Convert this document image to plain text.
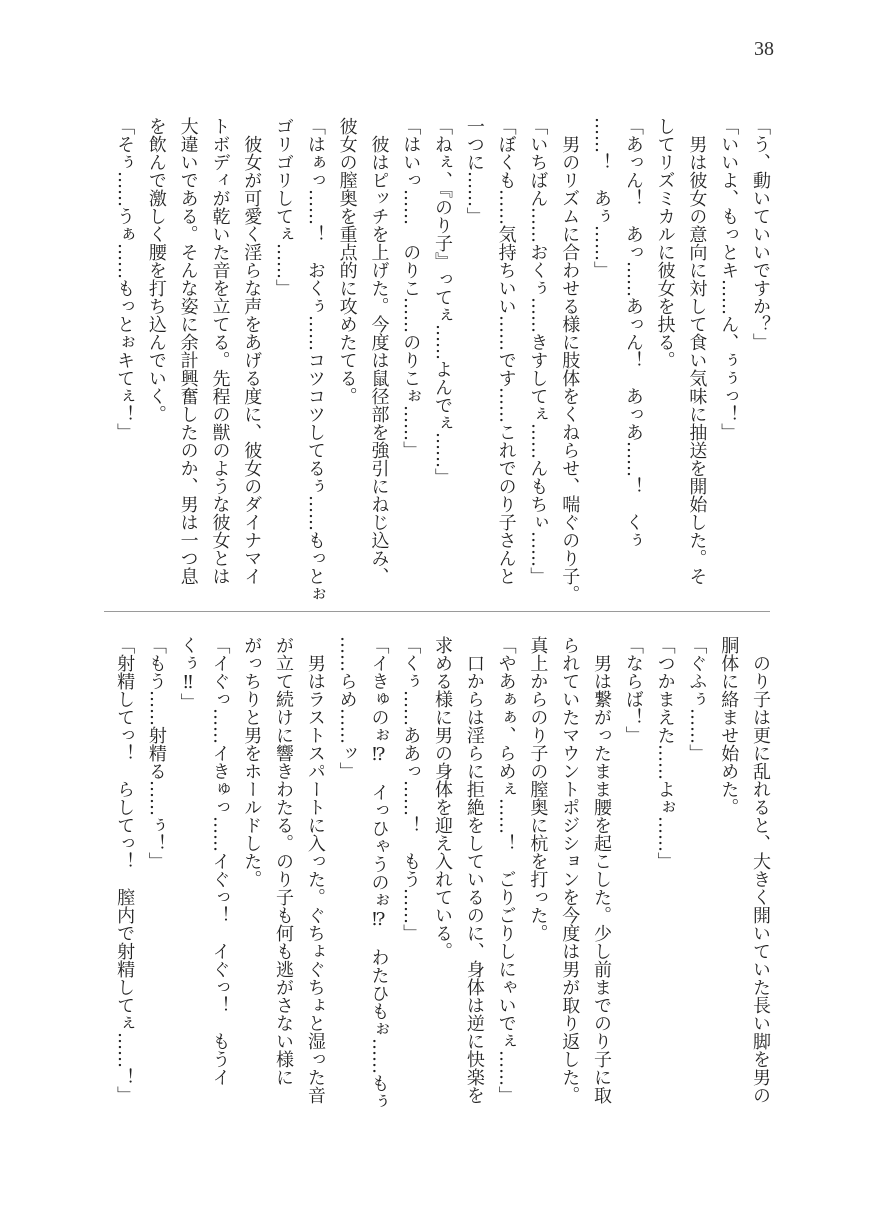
38
「う、動いていいですか？」
「いいよ、もっとキ……ん、ぅぅっ！」
男は彼女の意向に対して食い気味に抽送を開始した。そ
してリズミカルに彼女を抉る。
「あっん！　あっ……あっん！　あっあ……！　くぅ
……！　あぅ……」
男のリズムに合わせる様に肢体をくねらせ、喘ぐのり子。
「いちばん……おくぅ……きすしてぇ……んもちぃ……」
「ぼくも……気持ちいい……です……これでのり子さんと
一つに……」
「ねぇ、『のり子』ってぇ……よんでぇ……」
「はいっ……　のりこ……のりこぉ……」
彼はピッチを上げた。今度は鼠径部を強引にねじ込み、
彼女の膣奥を重点的に攻めたてる。
「はぁっ……！　おくぅ……コツコツしてるぅ……もっとぉ
ゴリゴリしてぇ……」
彼女が可愛く淫らな声をあげる度に、彼女のダイナマイ
トボディが乾いた音を立てる。先程の獣のような彼女とは
大違いである。そんな姿に余計興奮したのか、男は一つ息
を飲んで激しく腰を打ち込んでいく。
「そぅ……うぁ……もっとぉキてぇ！」
のり子は更に乱れると、大きく開いていた長い脚を男の
胴体に絡ませ始めた。
「ぐふぅ……」
「つかまえた……よぉ……」
「ならば！」
男は繋がったまま腰を起こした。少し前までのり子に取
られていたマウントポジションを今度は男が取り返した。
真上からのり子の膣奥に杭を打った。
「やあぁぁ、らめぇ……！　ごりごりしにゃいでぇ……」
口からは淫らに拒絶をしているのに、身体は逆に快楽を
求める様に男の身体を迎え入れている。
「くぅ……ああっ……！　もう……」
「イきゅのぉ⁉　イっひゃうのぉ⁉　わたひもぉ……もぅ
……らめ……ッ」
男はラストスパートに入った。ぐちょぐちょと湿った音
が立て続けに響きわたる。のり子も何も逃がさない様に
がっちりと男をホールドした。
「イぐっ……イきゅっ……イぐっ！　イぐっ！　もうイ
くぅ‼」
「もう……射精る……ぅ！」
「射精してっ！　らしてっ！　膣内で射精してぇ……！」
